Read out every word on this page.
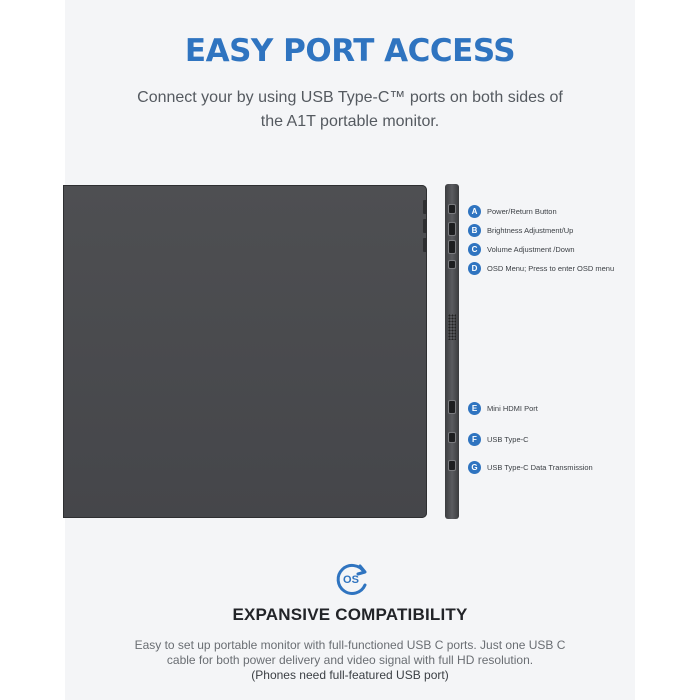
EASY PORT ACCESS
Connect your by using USB Type-C™ ports on both sides of
the A1T portable monitor.
A	Power/Return Button
B	Brightness Adjustment/Up
C	Volume Adjustment /Down
D	OSD Menu; Press to enter OSD menu
E	Mini HDMI Port
F	USB Type-C
G	USB Type-C Data Transmission
OS
EXPANSIVE COMPATIBILITY
Easy to set up portable monitor with full-functioned USB C ports. Just one USB C
cable for both power delivery and video signal with full HD resolution.
(Phones need full-featured USB port)
